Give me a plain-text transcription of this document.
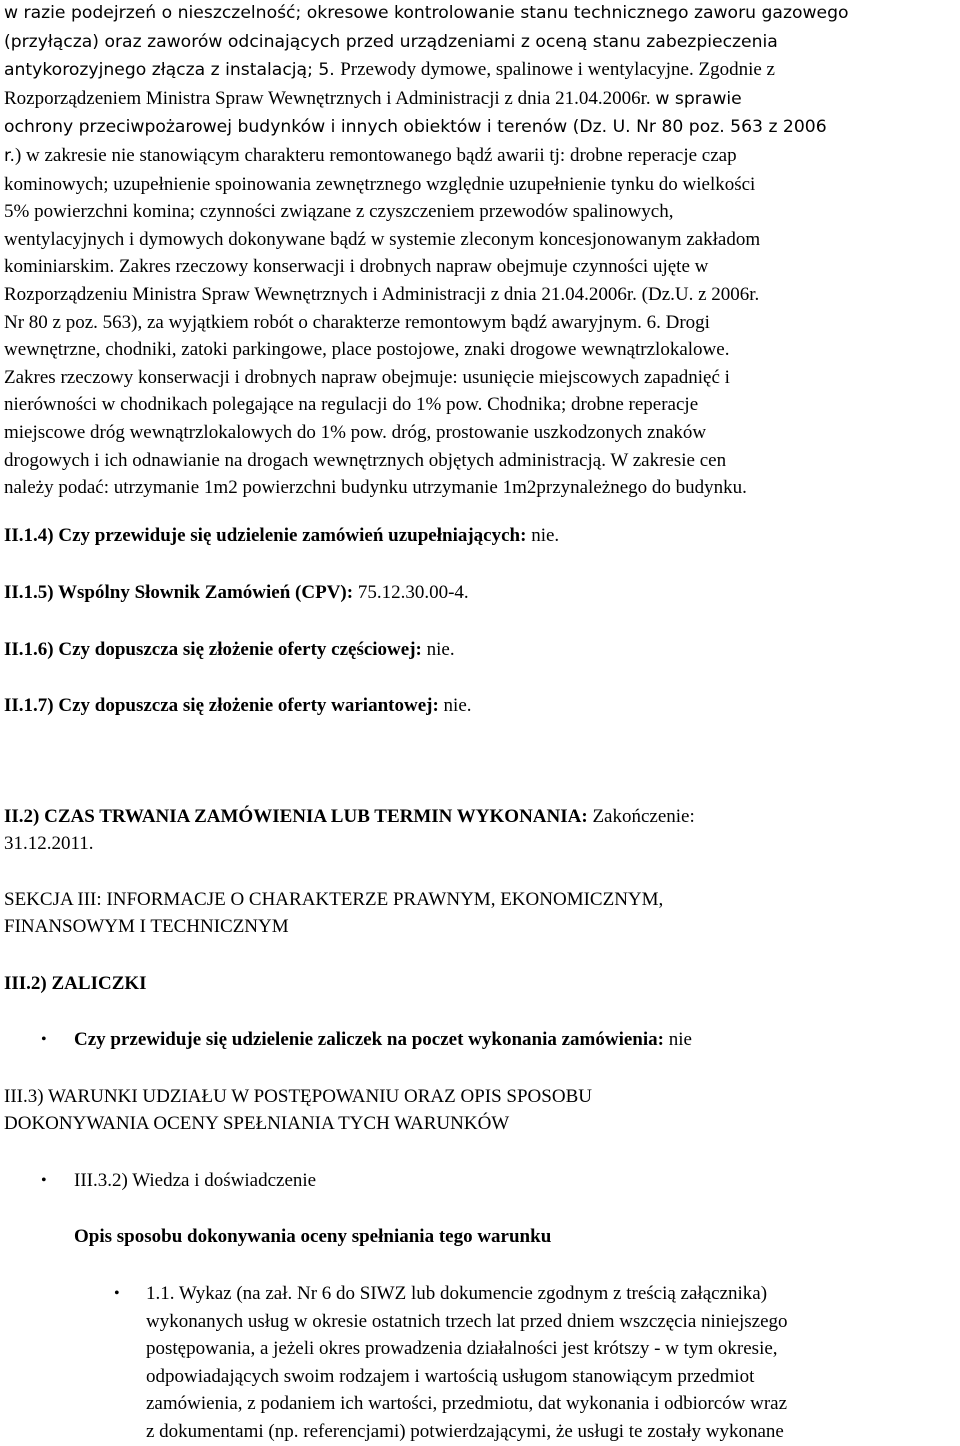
w razie podejrzeń o nieszczelność; okresowe kontrolowanie stanu technicznego zaworu gazowego
(przyłącza) oraz zaworów odcinających przed urządzeniami z oceną stanu zabezpieczenia
antykorozyjnego złącza z instalacją; 5. Przewody dymowe, spalinowe i wentylacyjne. Zgodnie z
Rozporządzeniem Ministra Spraw Wewnętrznych i Administracji z dnia 21.04.2006r. w sprawie
ochrony przeciwpożarowej budynków i innych obiektów i terenów (Dz. U. Nr 80 poz. 563 z 2006
r.) w zakresie nie stanowiącym charakteru remontowanego bądź awarii tj: drobne reperacje czap
kominowych; uzupełnienie spoinowania zewnętrznego względnie uzupełnienie tynku do wielkości
5% powierzchni komina; czynności związane z czyszczeniem przewodów spalinowych,
wentylacyjnych i dymowych dokonywane bądź w systemie zleconym koncesjonowanym zakładom
kominiarskim. Zakres rzeczowy konserwacji i drobnych napraw obejmuje czynności ujęte w
Rozporządzeniu Ministra Spraw Wewnętrznych i Administracji z dnia 21.04.2006r. (Dz.U. z 2006r.
Nr 80 z poz. 563), za wyjątkiem robót o charakterze remontowym bądź awaryjnym. 6. Drogi
wewnętrzne, chodniki, zatoki parkingowe, place postojowe, znaki drogowe wewnątrzlokalowe.
Zakres rzeczowy konserwacji i drobnych napraw obejmuje: usunięcie miejscowych zapadnięć i
nierówności w chodnikach polegające na regulacji do 1% pow. Chodnika; drobne reperacje
miejscowe dróg wewnątrzlokalowych do 1% pow. dróg, prostowanie uszkodzonych znaków
drogowych i ich odnawianie na drogach wewnętrznych objętych administracją. W zakresie cen
należy podać: utrzymanie 1m2 powierzchni budynku utrzymanie 1m2przynależnego do budynku.
II.1.4) Czy przewiduje się udzielenie zamówień uzupełniających: nie.
II.1.5) Wspólny Słownik Zamówień (CPV): 75.12.30.00-4.
II.1.6) Czy dopuszcza się złożenie oferty częściowej: nie.
II.1.7) Czy dopuszcza się złożenie oferty wariantowej: nie.
II.2) CZAS TRWANIA ZAMÓWIENIA LUB TERMIN WYKONANIA: Zakończenie:
31.12.2011.
SEKCJA III: INFORMACJE O CHARAKTERZE PRAWNYM, EKONOMICZNYM,
FINANSOWYM I TECHNICZNYM
III.2) ZALICZKI
• Czy przewiduje się udzielenie zaliczek na poczet wykonania zamówienia: nie
III.3) WARUNKI UDZIAŁU W POSTĘPOWANIU ORAZ OPIS SPOSOBU
DOKONYWANIA OCENY SPEŁNIANIA TYCH WARUNKÓW
• III.3.2) Wiedza i doświadczenie
Opis sposobu dokonywania oceny spełniania tego warunku
• 1.1. Wykaz (na zał. Nr 6 do SIWZ lub dokumencie zgodnym z treścią załącznika)
wykonanych usług w okresie ostatnich trzech lat przed dniem wszczęcia niniejszego
postępowania, a jeżeli okres prowadzenia działalności jest krótszy - w tym okresie,
odpowiadających swoim rodzajem i wartością usługom stanowiącym przedmiot
zamówienia, z podaniem ich wartości, przedmiotu, dat wykonania i odbiorców wraz
z dokumentami (np. referencjami) potwierdzającymi, że usługi te zostały wykonane
